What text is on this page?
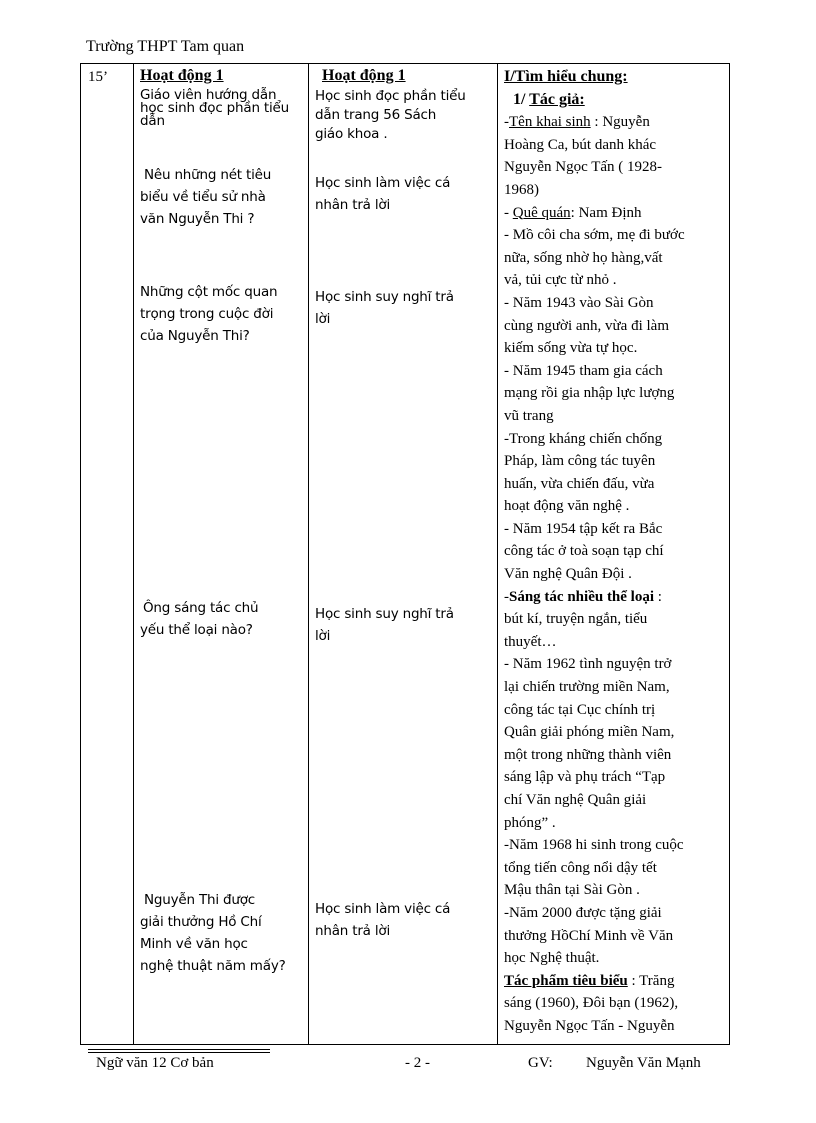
Trường THPT Tam quan
15’ Hoạt động 1
Giáo viên hướng dẫn
học sinh đọc phần tiểu
dẫn
Nêu những nét tiêu
biểu về tiểu sử nhà
văn Nguyễn Thi ?
Những cột mốc quan
trọng trong cuộc đời
của Nguyễn Thi?
Ông sáng tác chủ
yếu thể loại nào?
Nguyễn Thi được
giải thưởng Hồ Chí
Minh về văn học
nghệ thuật năm mấy?
Hoạt động 1
Học sinh đọc phần tiểu
dẫn trang 56 Sách
giáo khoa .
Học sinh làm việc cá
nhân trả lời
Học sinh suy nghĩ trả
lời
Học sinh suy nghĩ trả
lời
Học sinh làm việc cá
nhân trả lời

I/Tìm hiểu chung:

1/ Tác giả:

-Tên khai sinh : Nguyễn

Hoàng Ca, bút danh khác

Nguyễn Ngọc Tấn ( 1928-

1968)

- Quê quán: Nam Định

- Mồ côi cha sớm, mẹ đi bước

nữa, sống nhờ họ hàng,vất

vả, tủi cực từ nhỏ .

- Năm 1943 vào Sài Gòn

cùng người anh, vừa đi làm

kiếm sống vừa tự học.

- Năm 1945 tham gia cách

mạng rồi gia nhập lực lượng

vũ trang

-Trong kháng chiến chống

Pháp, làm công tác tuyên

huấn, vừa chiến đấu, vừa

hoạt động văn nghệ .

- Năm 1954 tập kết ra Bắc

công tác ở toà soạn tạp chí

Văn nghệ Quân Đội .

-Sáng tác nhiều thể loại :

bút kí, truyện ngắn, tiểu

thuyết…

- Năm 1962 tình nguyện trở

lại chiến trường miền Nam,

công tác tại Cục chính trị

Quân giải phóng miền Nam,

một trong những thành viên

sáng lập và phụ trách “Tạp

chí Văn nghệ Quân giải

phóng” .

-Năm 1968 hi sinh trong cuộc

tổng tiến công nổi dậy tết

Mậu thân tại Sài Gòn .

-Năm 2000 được tặng giải

thưởng HồChí Minh về Văn

học Nghệ thuật.

Tác phẩm tiêu biểu : Trăng

sáng (1960), Đôi bạn (1962),

Nguyễn Ngọc Tấn - Nguyễn

Ngữ văn 12 Cơ bản	- 2 -	GV: Nguyễn Văn Mạnh
